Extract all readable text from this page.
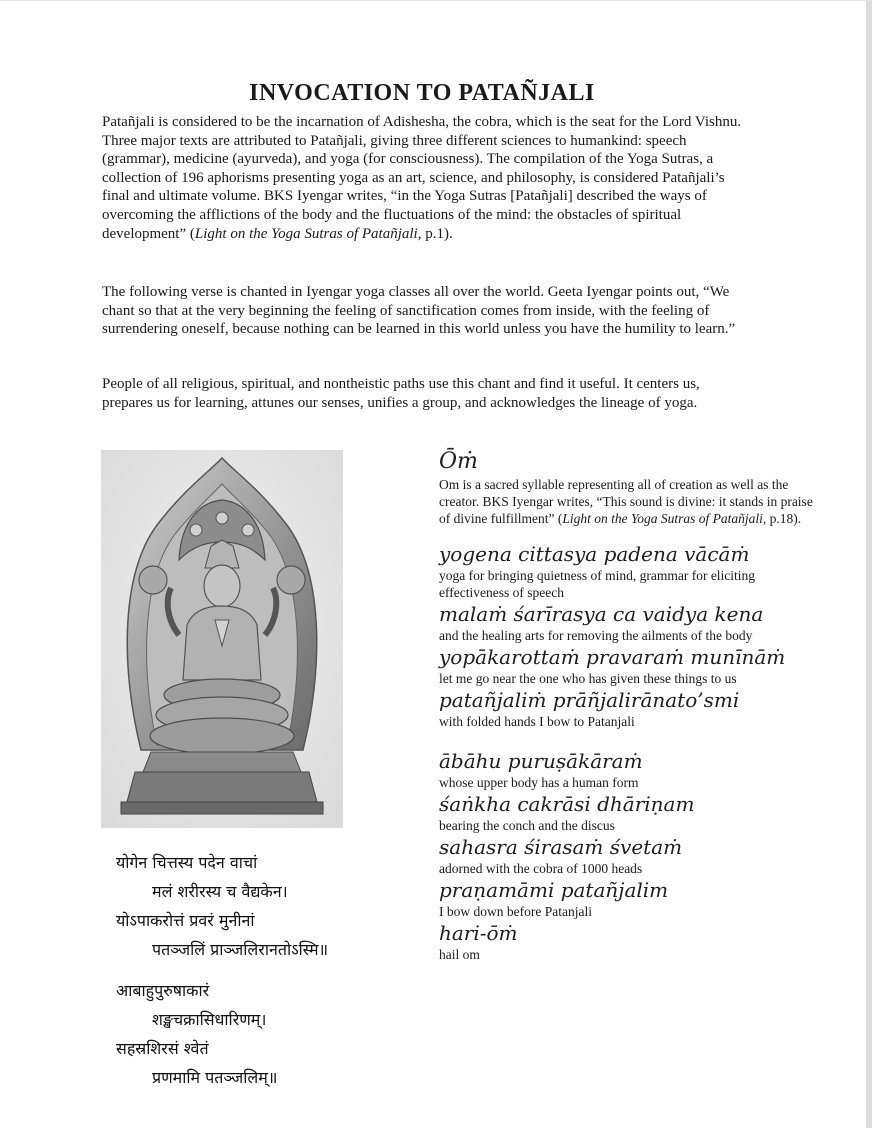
INVOCATION TO PATAÑJALI

Patañjali is considered to be the incarnation of Adishesha, the cobra, which is the seat for the Lord Vishnu. Three major texts are attributed to Patañjali, giving three different sciences to humankind: speech (grammar), medicine (ayurveda), and yoga (for consciousness). The compilation of the Yoga Sutras, a collection of 196 aphorisms presenting yoga as an art, science, and philosophy, is considered Patañjali’s final and ultimate volume. BKS Iyengar writes, “in the Yoga Sutras [Patañjali] described the ways of overcoming the afflictions of the body and the fluctuations of the mind: the obstacles of spiritual development” (Light on the Yoga Sutras of Patañjali, p.1).

The following verse is chanted in Iyengar yoga classes all over the world. Geeta Iyengar points out, “We chant so that at the very beginning the feeling of sanctification comes from inside, with the feeling of surrendering oneself, because nothing can be learned in this world unless you have the humility to learn.”

People of all religious, spiritual, and nontheistic paths use this chant and find it useful. It centers us, prepares us for learning, attunes our senses, unifies a group, and acknowledges the lineage of yoga.

योगेन चित्तस्य पदेन वाचां
मलं शरीरस्य च वैद्यकेन।
योऽपाकरोत्तं प्रवरं मुनीनां
पतञ्जलिं प्राञ्जलिरानतोऽस्मि॥
आबाहुपुरुषाकारं
शङ्खचक्रासिधारिणम्।
सहस्रशिरसं श्वेतं
प्रणमामि पतञ्जलिम्॥
Ōṁ
Om is a sacred syllable representing all of creation as well as the creator. BKS Iyengar writes, “This sound is divine: it stands in praise of divine fulfillment” (Light on the Yoga Sutras of Patañjali, p.18).
yogena cittasya padena vācāṁ
yoga for bringing quietness of mind, grammar for eliciting effectiveness of speech
malaṁ śarīrasya ca vaidya kena
and the healing arts for removing the ailments of the body
yopākarottaṁ pravaraṁ munīnāṁ
let me go near the one who has given these things to us
patañjaliṁ prāñjalirānato’smi
with folded hands I bow to Patanjali
ābāhu puruṣākāraṁ
whose upper body has a human form
śaṅkha cakrāsi dhāriṇam
bearing the conch and the discus
sahasra śirasaṁ śvetaṁ
adorned with the cobra of 1000 heads
praṇamāmi patañjalim
I bow down before Patanjali
hari-ōṁ
hail om
